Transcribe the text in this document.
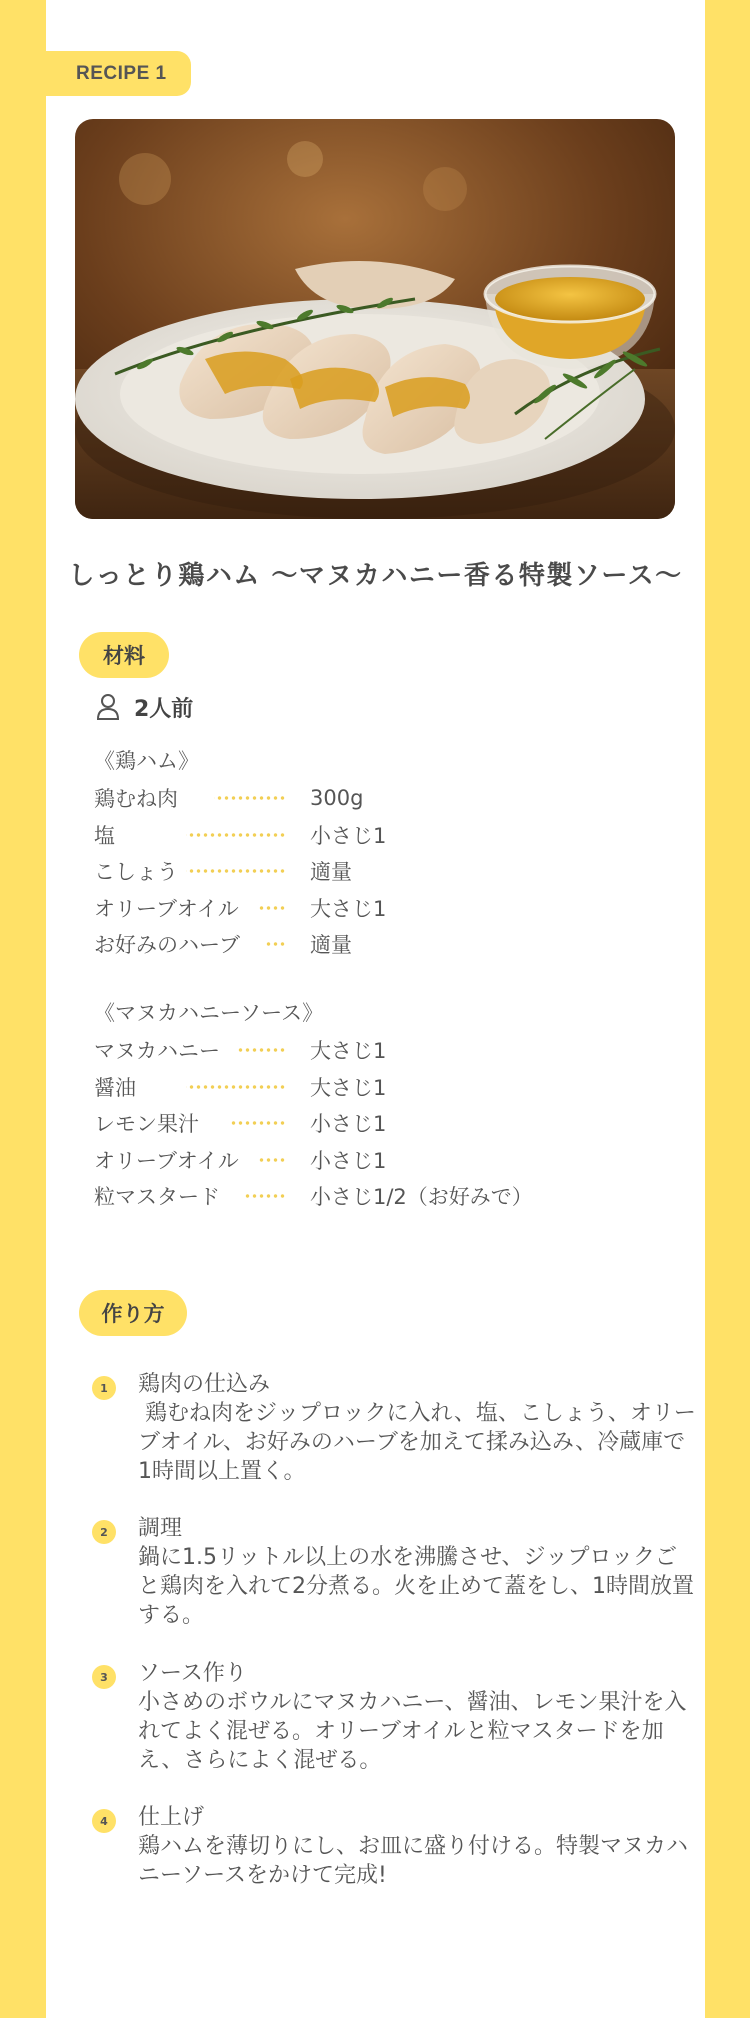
RECIPE 1
しっとり鶏ハム 〜マヌカハニー香る特製ソース〜
材料
2人前
《鶏ハム》
鶏むね肉	300g
塩	小さじ1
こしょう	適量
オリーブオイル	大さじ1
お好みのハーブ	適量
《マヌカハニーソース》
マヌカハニー	大さじ1
醤油	大さじ1
レモン果汁	小さじ1
オリーブオイル	小さじ1
粒マスタード	小さじ1/2（お好みで）
作り方
1	鶏肉の仕込み
鶏むね肉をジップロックに入れ、塩、こしょう、オリーブオイル、お好みのハーブを加えて揉み込み、冷蔵庫で1時間以上置く。
2	調理
鍋に1.5リットル以上の水を沸騰させ、ジップロックごと鶏肉を入れて2分煮る。火を止めて蓋をし、1時間放置する。
3	ソース作り
小さめのボウルにマヌカハニー、醤油、レモン果汁を入れてよく混ぜる。オリーブオイルと粒マスタードを加え、さらによく混ぜる。
4	仕上げ
鶏ハムを薄切りにし、お皿に盛り付ける。特製マヌカハニーソースをかけて完成!
